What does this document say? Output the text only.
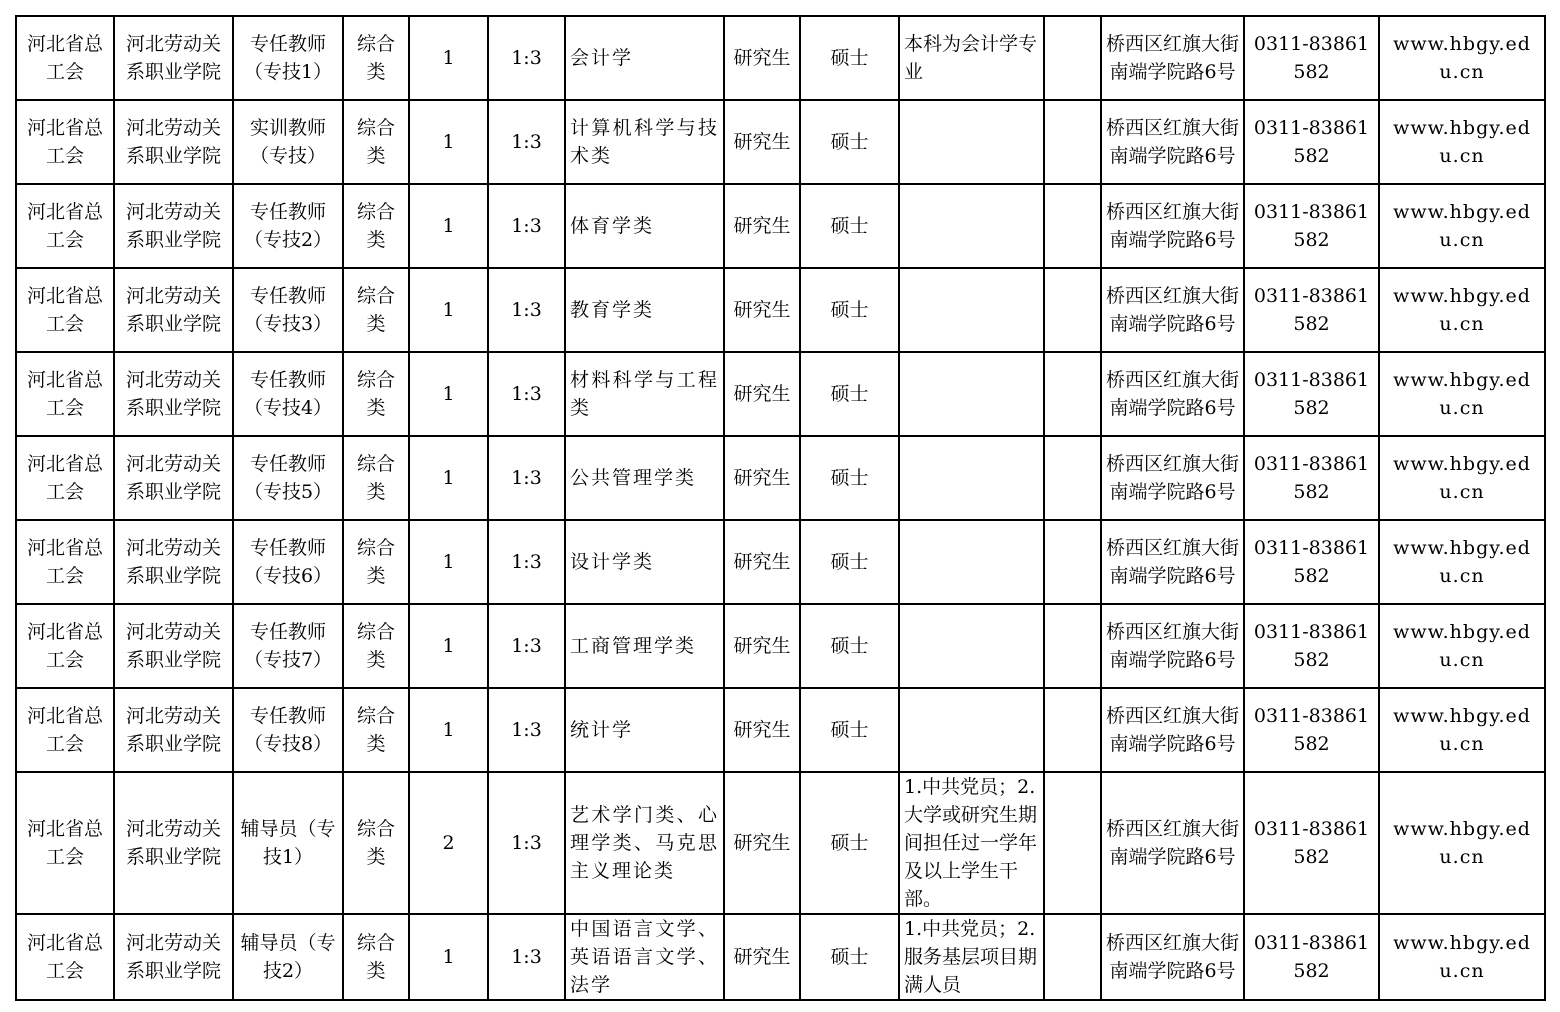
河北省总工会	河北劳动关系职业学院	专任教师（专技1）	综合类	1	1:3	会计学	研究生	硕士	本科为会计学专业		桥西区红旗大街南端学院路6号	0311-83861582	www.hbgy.edu.cn
河北省总工会	河北劳动关系职业学院	实训教师（专技）	综合类	1	1:3	计算机科学与技术类	研究生	硕士			桥西区红旗大街南端学院路6号	0311-83861582	www.hbgy.edu.cn
河北省总工会	河北劳动关系职业学院	专任教师（专技2）	综合类	1	1:3	体育学类	研究生	硕士			桥西区红旗大街南端学院路6号	0311-83861582	www.hbgy.edu.cn
河北省总工会	河北劳动关系职业学院	专任教师（专技3）	综合类	1	1:3	教育学类	研究生	硕士			桥西区红旗大街南端学院路6号	0311-83861582	www.hbgy.edu.cn
河北省总工会	河北劳动关系职业学院	专任教师（专技4）	综合类	1	1:3	材料科学与工程类	研究生	硕士			桥西区红旗大街南端学院路6号	0311-83861582	www.hbgy.edu.cn
河北省总工会	河北劳动关系职业学院	专任教师（专技5）	综合类	1	1:3	公共管理学类	研究生	硕士			桥西区红旗大街南端学院路6号	0311-83861582	www.hbgy.edu.cn
河北省总工会	河北劳动关系职业学院	专任教师（专技6）	综合类	1	1:3	设计学类	研究生	硕士			桥西区红旗大街南端学院路6号	0311-83861582	www.hbgy.edu.cn
河北省总工会	河北劳动关系职业学院	专任教师（专技7）	综合类	1	1:3	工商管理学类	研究生	硕士			桥西区红旗大街南端学院路6号	0311-83861582	www.hbgy.edu.cn
河北省总工会	河北劳动关系职业学院	专任教师（专技8）	综合类	1	1:3	统计学	研究生	硕士			桥西区红旗大街南端学院路6号	0311-83861582	www.hbgy.edu.cn
河北省总工会	河北劳动关系职业学院	辅导员（专技1）	综合类	2	1:3	艺术学门类、心理学类、马克思主义理论类	研究生	硕士	1.中共党员；2.大学或研究生期间担任过一学年及以上学生干部。		桥西区红旗大街南端学院路6号	0311-83861582	www.hbgy.edu.cn
河北省总工会	河北劳动关系职业学院	辅导员（专技2）	综合类	1	1:3	中国语言文学、英语语言文学、法学	研究生	硕士	1.中共党员；2.服务基层项目期满人员		桥西区红旗大街南端学院路6号	0311-83861582	www.hbgy.edu.cn
